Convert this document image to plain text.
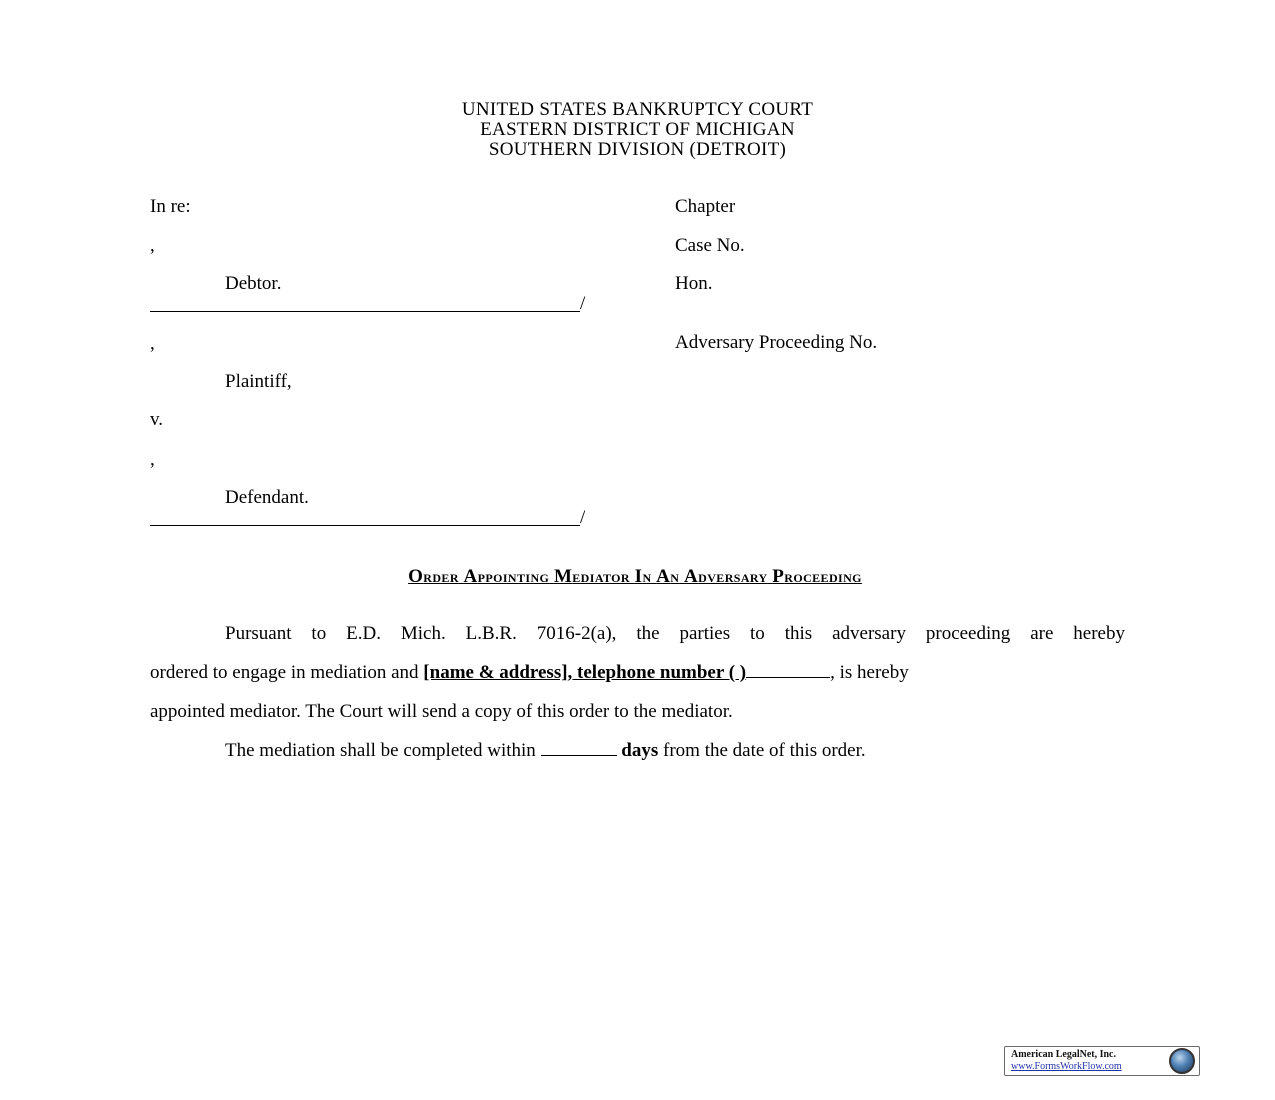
UNITED STATES BANKRUPTCY COURT
EASTERN DISTRICT OF MICHIGAN
SOUTHERN DIVISION (DETROIT)
In re:
,
Debtor.
/
,
Plaintiff,
v.
,
Defendant.
/
Chapter
Case No.
Hon.
Adversary Proceeding No.
Order Appointing Mediator In An Adversary Proceeding
Pursuant to E.D. Mich. L.B.R. 7016-2(a), the parties to this adversary proceeding are hereby
ordered to engage in mediation and [name & address], telephone number ( )	, is hereby
appointed mediator. The Court will send a copy of this order to the mediator.
The mediation shall be completed within	days from the date of this order.
American LegalNet, Inc.
www.FormsWorkFlow.com
